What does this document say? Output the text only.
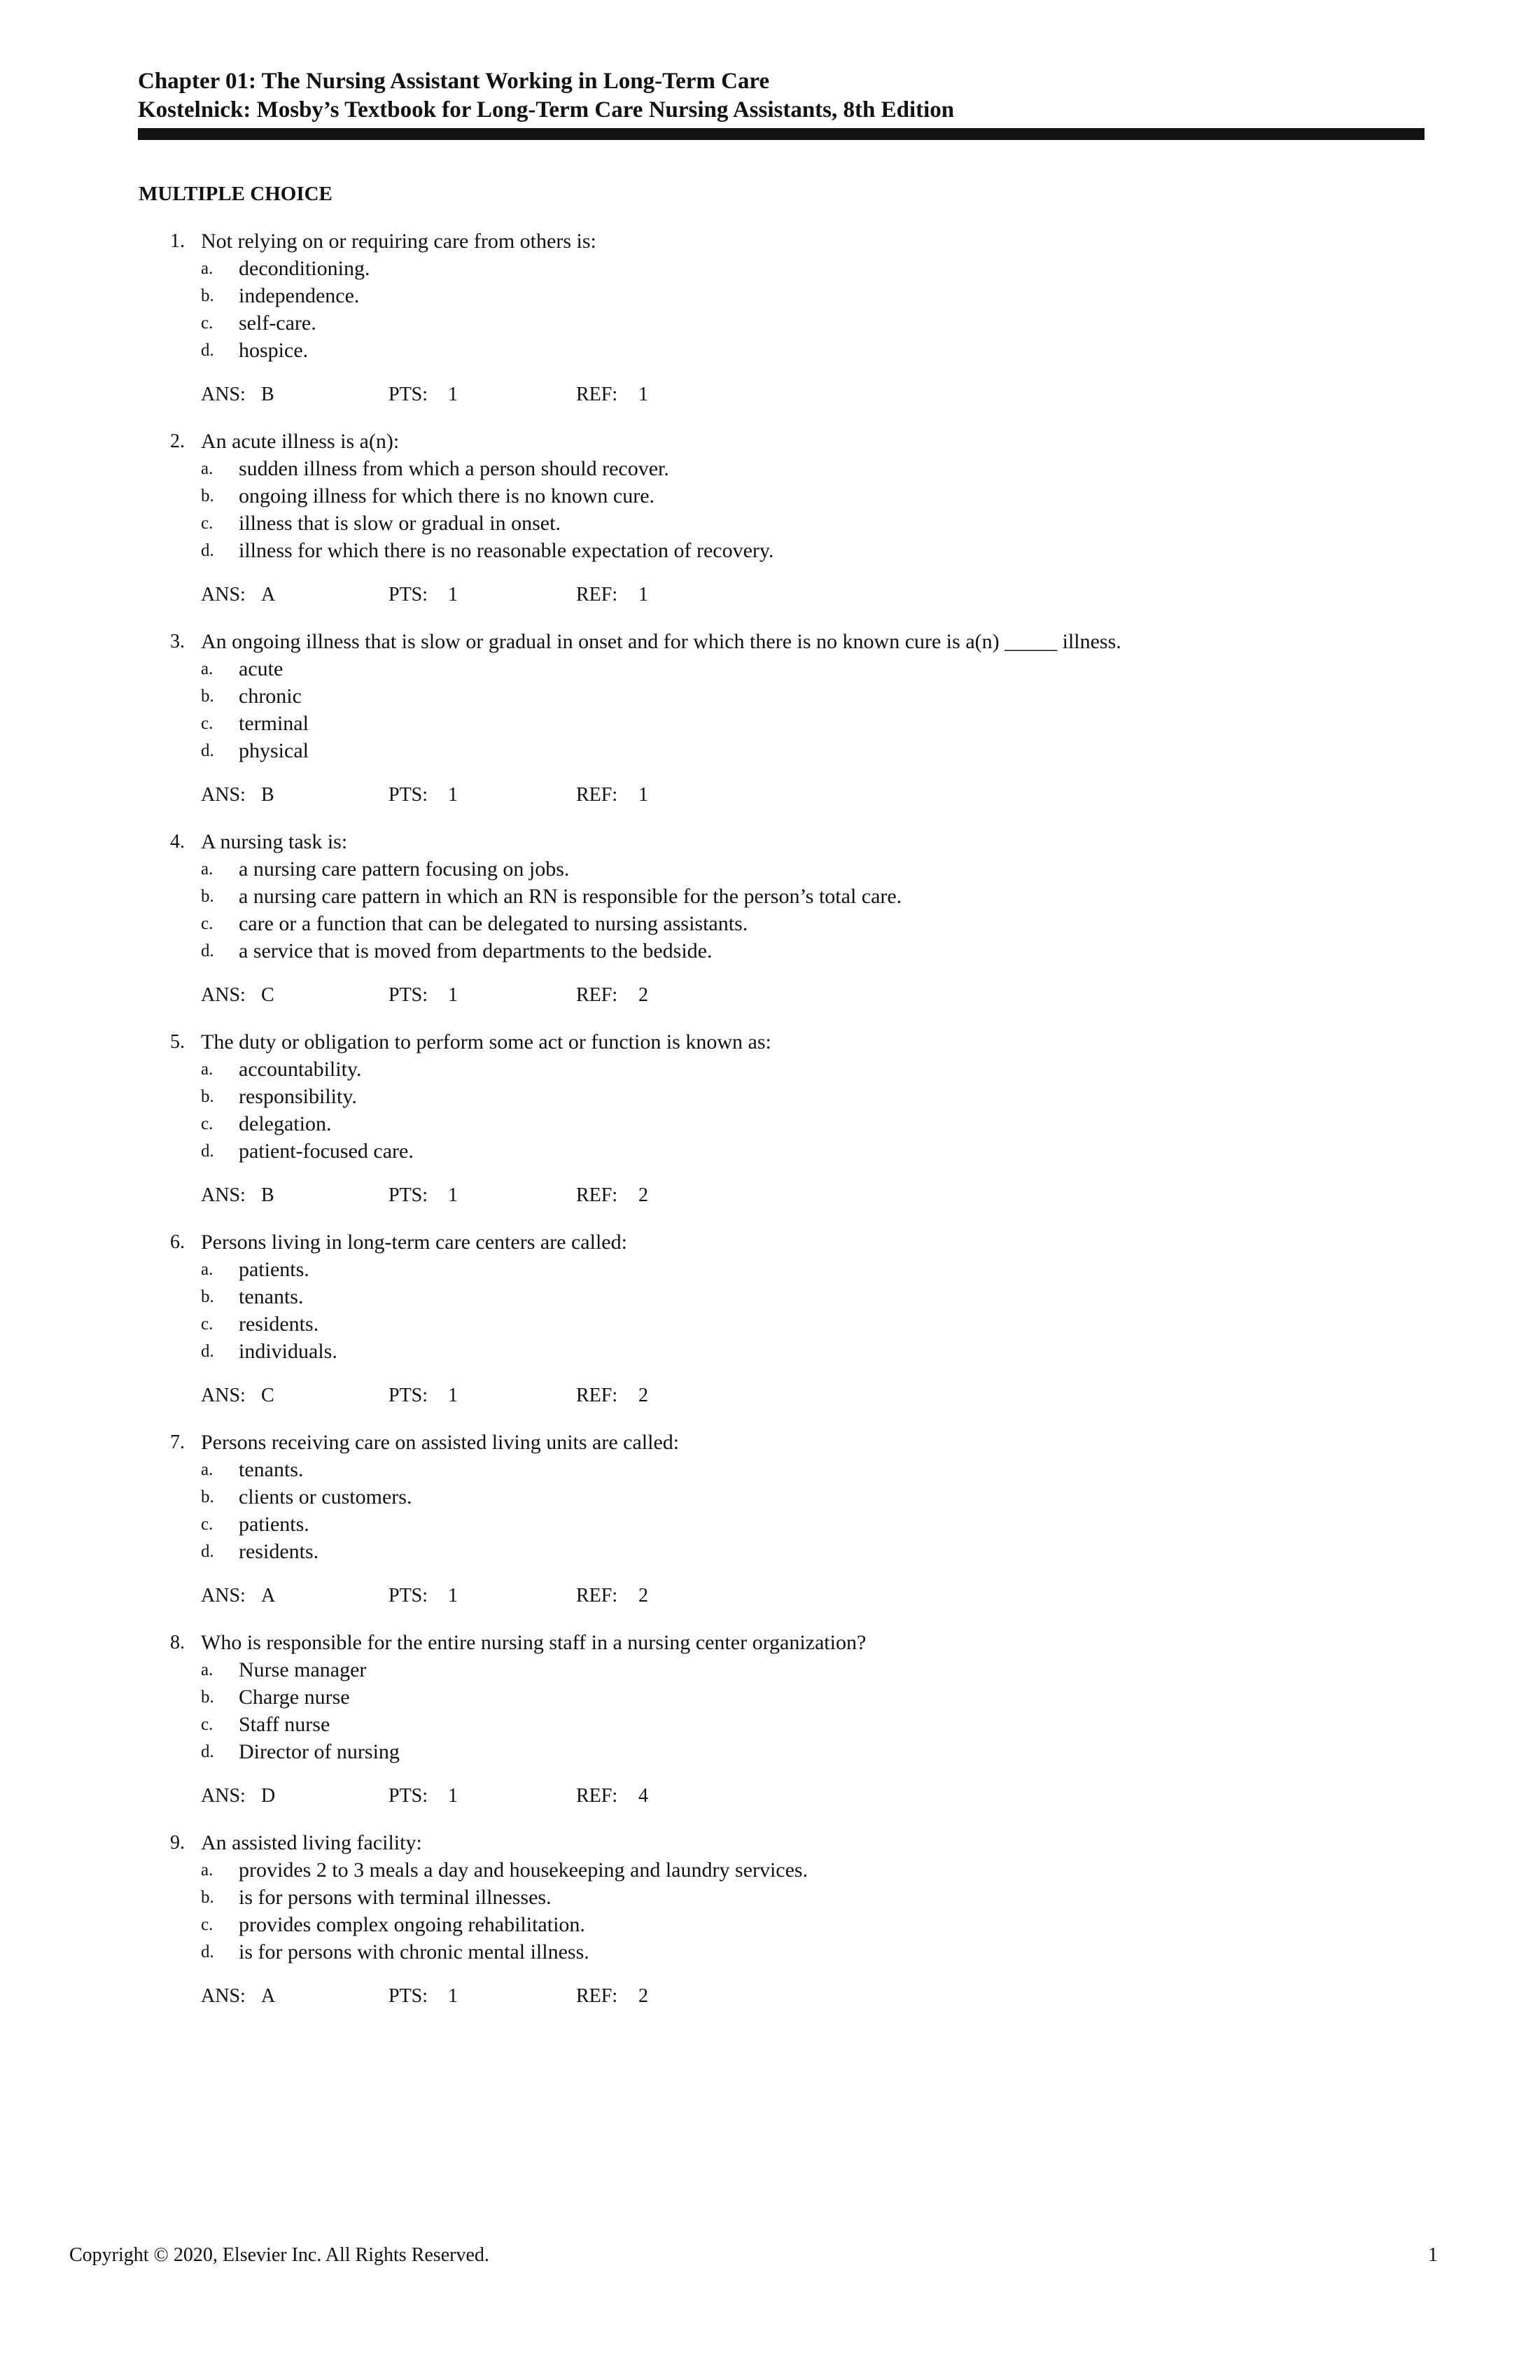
Chapter 01: The Nursing Assistant Working in Long-Term Care
Kostelnick: Mosby’s Textbook for Long-Term Care Nursing Assistants, 8th Edition
MULTIPLE CHOICE
1. Not relying on or requiring care from others is:
a. deconditioning.
b. independence.
c. self-care.
d. hospice.
ANS: B	PTS: 1	REF: 1
2. An acute illness is a(n):
a. sudden illness from which a person should recover.
b. ongoing illness for which there is no known cure.
c. illness that is slow or gradual in onset.
d. illness for which there is no reasonable expectation of recovery.
ANS: A	PTS: 1	REF: 1
3. An ongoing illness that is slow or gradual in onset and for which there is no known cure is a(n) _____ illness.
a. acute
b. chronic
c. terminal
d. physical
ANS: B	PTS: 1	REF: 1
4. A nursing task is:
a. a nursing care pattern focusing on jobs.
b. a nursing care pattern in which an RN is responsible for the person’s total care.
c. care or a function that can be delegated to nursing assistants.
d. a service that is moved from departments to the bedside.
ANS: C	PTS: 1	REF: 2
5. The duty or obligation to perform some act or function is known as:
a. accountability.
b. responsibility.
c. delegation.
d. patient-focused care.
ANS: B	PTS: 1	REF: 2
6. Persons living in long-term care centers are called:
a. patients.
b. tenants.
c. residents.
d. individuals.
ANS: C	PTS: 1	REF: 2
7. Persons receiving care on assisted living units are called:
a. tenants.
b. clients or customers.
c. patients.
d. residents.
ANS: A	PTS: 1	REF: 2
8. Who is responsible for the entire nursing staff in a nursing center organization?
a. Nurse manager
b. Charge nurse
c. Staff nurse
d. Director of nursing
ANS: D	PTS: 1	REF: 4
9. An assisted living facility:
a. provides 2 to 3 meals a day and housekeeping and laundry services.
b. is for persons with terminal illnesses.
c. provides complex ongoing rehabilitation.
d. is for persons with chronic mental illness.
ANS: A	PTS: 1	REF: 2
Copyright © 2020, Elsevier Inc. All Rights Reserved.	1
